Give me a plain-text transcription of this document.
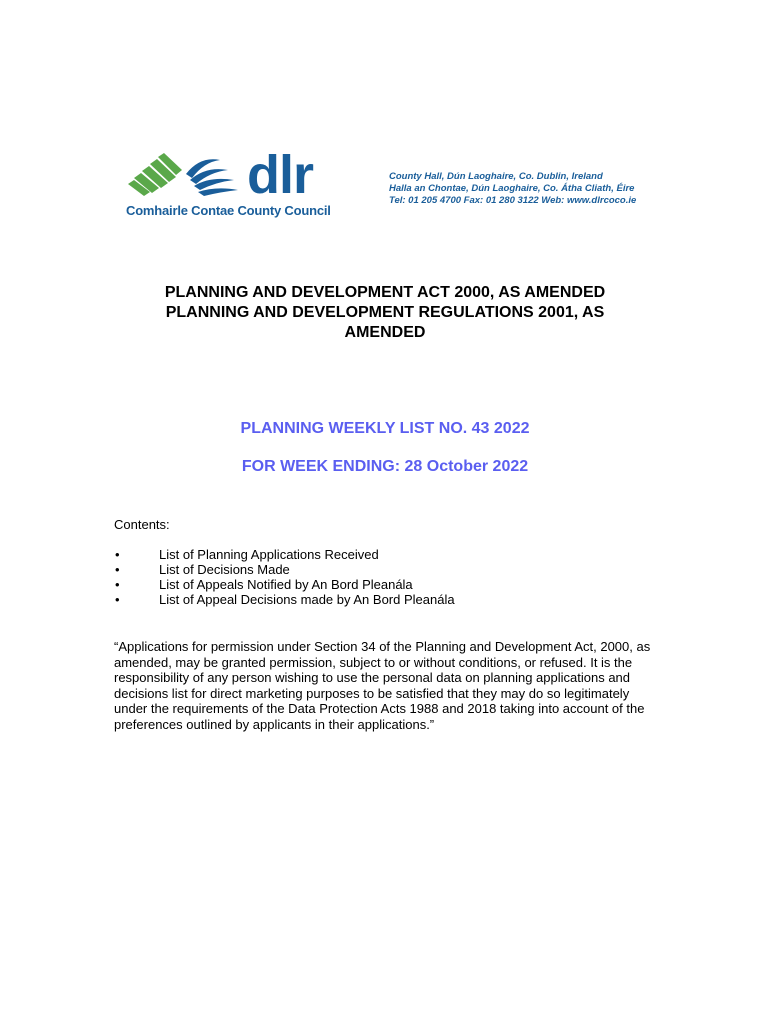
dlr
Comhairle Contae County Council
County Hall, Dún Laoghaire, Co. Dublin, Ireland
Halla an Chontae, Dún Laoghaire, Co. Átha Cliath, Éire
Tel: 01 205 4700 Fax: 01 280 3122 Web: www.dlrcoco.ie
PLANNING AND DEVELOPMENT ACT 2000, AS AMENDED
PLANNING AND DEVELOPMENT REGULATIONS 2001, AS
AMENDED
PLANNING WEEKLY LIST NO. 43 2022
FOR WEEK ENDING: 28 October 2022
Contents:
• List of Planning Applications Received
• List of Decisions Made
• List of Appeals Notified by An Bord Pleanála
• List of Appeal Decisions made by An Bord Pleanála

“Applications for permission under Section 34 of the Planning and Development Act, 2000, as amended, may be granted permission, subject to or without conditions, or refused. It is the responsibility of any person wishing to use the personal data on planning applications and decisions list for direct marketing purposes to be satisfied that they may do so legitimately under the requirements of the Data Protection Acts 1988 and 2018 taking into account of the preferences outlined by applicants in their applications.”
